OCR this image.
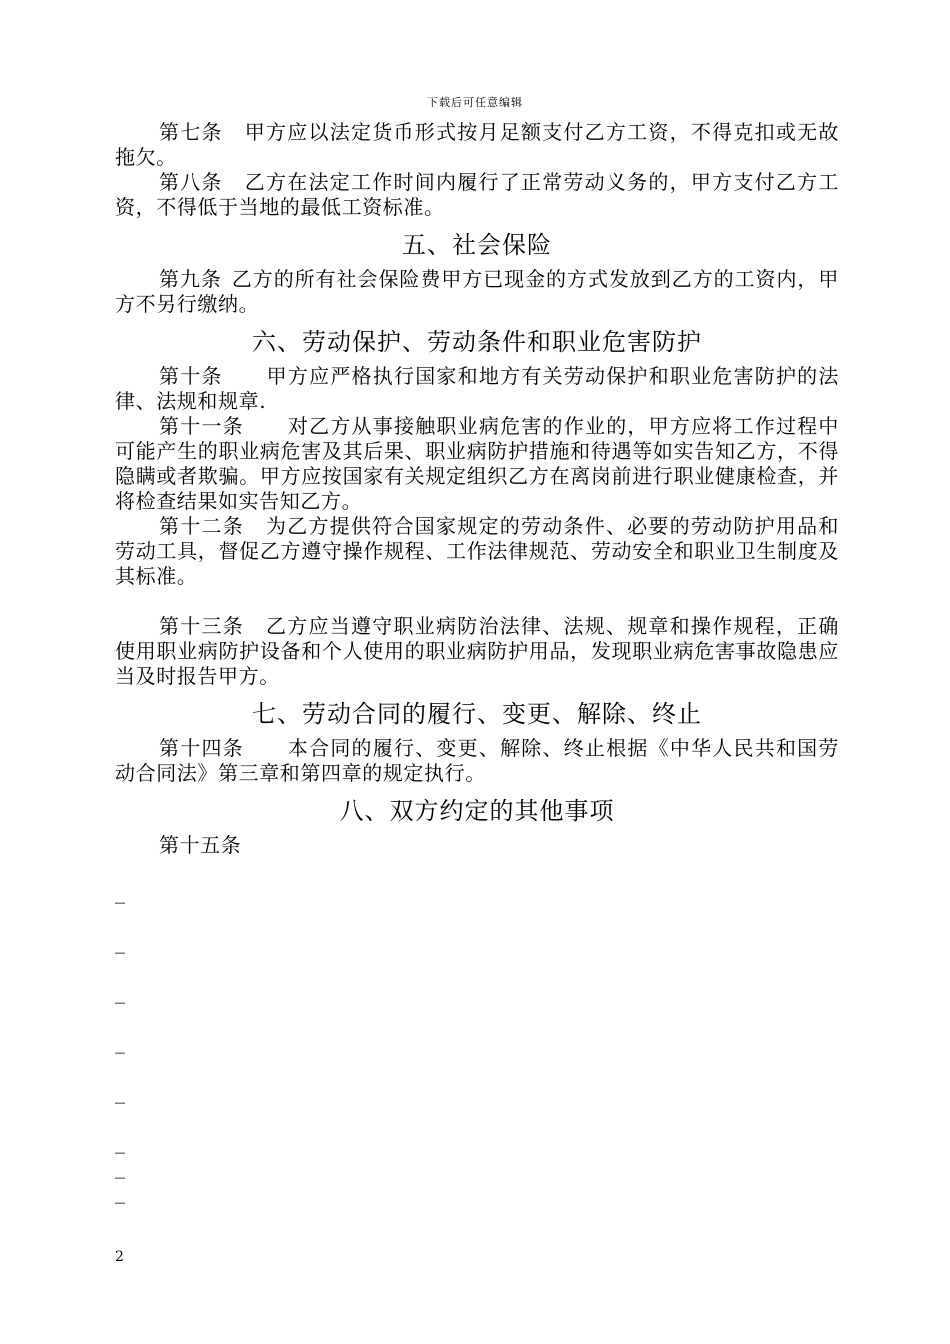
下载后可任意编辑

第七条 甲方应以法定货币形式按月足额支付乙方工资，不得克扣或无故拖欠。

第八条 乙方在法定工作时间内履行了正常劳动义务的，甲方支付乙方工资，不得低于当地的最低工资标准。

五、社会保险

第九条 乙方的所有社会保险费甲方已现金的方式发放到乙方的工资内，甲方不另行缴纳。

六、劳动保护、劳动条件和职业危害防护

第十条 甲方应严格执行国家和地方有关劳动保护和职业危害防护的法律、法规和规章.

第十一条 对乙方从事接触职业病危害的作业的，甲方应将工作过程中可能产生的职业病危害及其后果、职业病防护措施和待遇等如实告知乙方，不得隐瞒或者欺骗。甲方应按国家有关规定组织乙方在离岗前进行职业健康检查，并将检查结果如实告知乙方。

第十二条 为乙方提供符合国家规定的劳动条件、必要的劳动防护用品和劳动工具，督促乙方遵守操作规程、工作法律规范、劳动安全和职业卫生制度及其标准。

第十三条 乙方应当遵守职业病防治法律、法规、规章和操作规程，正确使用职业病防护设备和个人使用的职业病防护用品，发现职业病危害事故隐患应当及时报告甲方。

七、劳动合同的履行、变更、解除、终止

第十四条 本合同的履行、变更、解除、终止根据《中华人民共和国劳动合同法》第三章和第四章的规定执行。

八、双方约定的其他事项

第十五条

_
_
_
_
_
_
_
_
2
